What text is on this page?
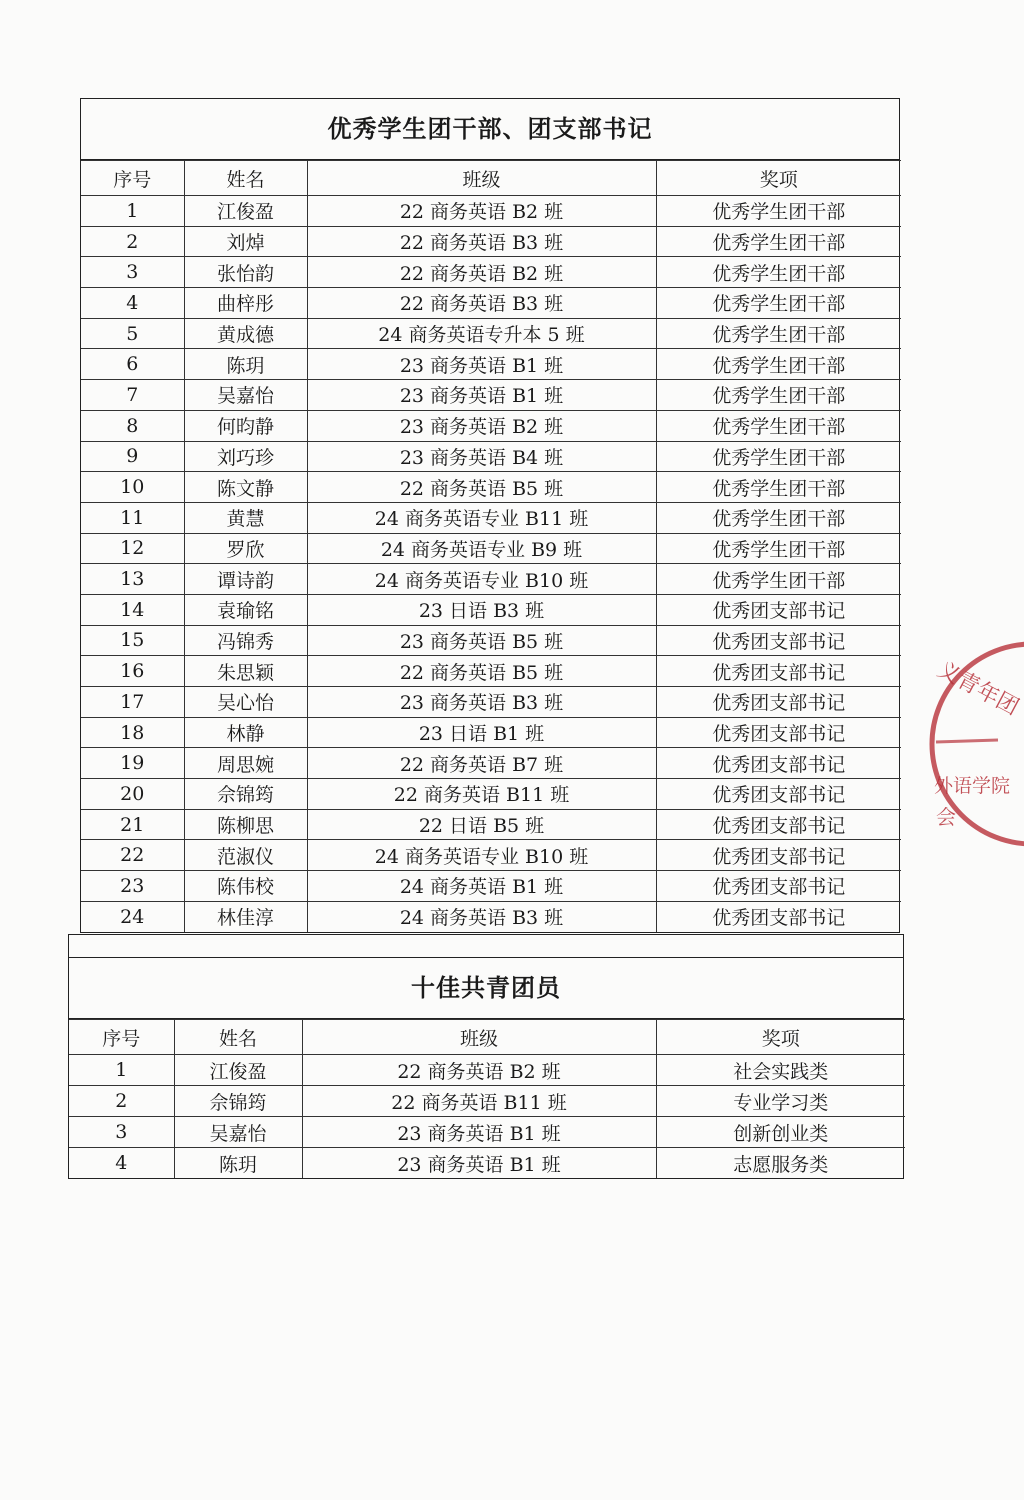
优秀学生团干部、团支部书记
序号	姓名	班级	奖项
1	江俊盈	22 商务英语 B2 班	优秀学生团干部
2	刘焯	22 商务英语 B3 班	优秀学生团干部
3	张怡韵	22 商务英语 B2 班	优秀学生团干部
4	曲梓彤	22 商务英语 B3 班	优秀学生团干部
5	黄成德	24 商务英语专升本 5 班	优秀学生团干部
6	陈玥	23 商务英语 B1 班	优秀学生团干部
7	吴嘉怡	23 商务英语 B1 班	优秀学生团干部
8	何昀静	23 商务英语 B2 班	优秀学生团干部
9	刘巧珍	23 商务英语 B4 班	优秀学生团干部
10	陈文静	22 商务英语 B5 班	优秀学生团干部
11	黄慧	24 商务英语专业 B11 班	优秀学生团干部
12	罗欣	24 商务英语专业 B9 班	优秀学生团干部
13	谭诗韵	24 商务英语专业 B10 班	优秀学生团干部
14	袁瑜铭	23 日语 B3 班	优秀团支部书记
15	冯锦秀	23 商务英语 B5 班	优秀团支部书记
16	朱思颖	22 商务英语 B5 班	优秀团支部书记
17	吴心怡	23 商务英语 B3 班	优秀团支部书记
18	林静	23 日语 B1 班	优秀团支部书记
19	周思婉	22 商务英语 B7 班	优秀团支部书记
20	佘锦筠	22 商务英语 B11 班	优秀团支部书记
21	陈柳思	22 日语 B5 班	优秀团支部书记
22	范淑仪	24 商务英语专业 B10 班	优秀团支部书记
23	陈伟校	24 商务英语 B1 班	优秀团支部书记
24	林佳淳	24 商务英语 B3 班	优秀团支部书记
十佳共青团员
序号	姓名	班级	奖项
1	江俊盈	22 商务英语 B2 班	社会实践类
2	佘锦筠	22 商务英语 B11 班	专业学习类
3	吴嘉怡	23 商务英语 B1 班	创新创业类
4	陈玥	23 商务英语 B1 班	志愿服务类
义青年团
外语学院
会
